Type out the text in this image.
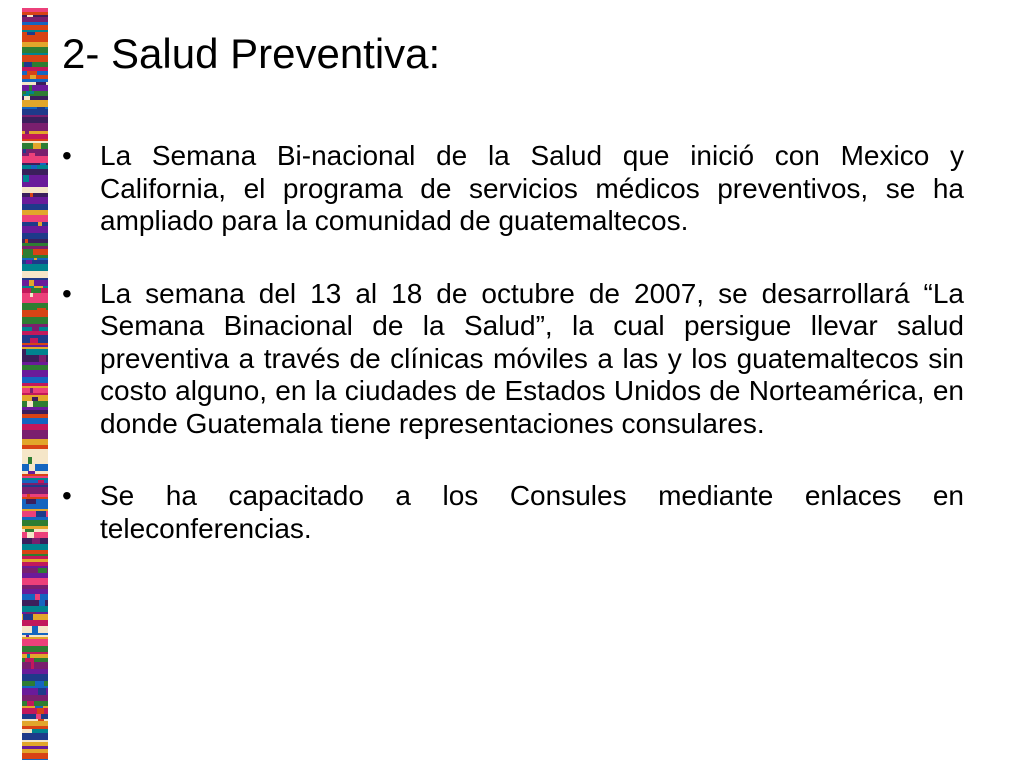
2- Salud Preventiva:
•	La Semana Bi-nacional de la Salud que inició con Mexico y California, el programa de servicios médicos preventivos, se ha ampliado para la comunidad de guatemaltecos.
•	La semana del 13 al 18 de octubre de 2007, se desarrollará “La Semana Binacional de la Salud”, la cual persigue llevar salud preventiva a través de clínicas móviles a las y los guatemaltecos sin costo alguno, en la ciudades de Estados Unidos de Norteamérica, en donde Guatemala tiene representaciones consulares.
•	Se ha capacitado a los Consules mediante enlaces en teleconferencias.
